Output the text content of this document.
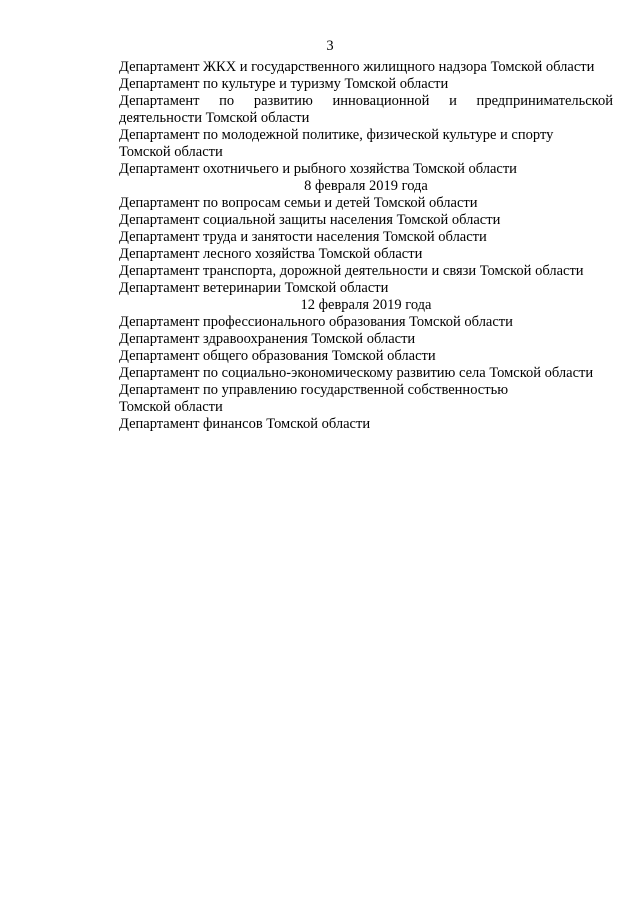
3
Департамент ЖКХ и государственного жилищного надзора Томской области
Департамент по культуре и туризму Томской области
Департамент по развитию инновационной и предпринимательской
деятельности Томской области
Департамент по молодежной политике, физической культуре и спорту
Томской области
Департамент охотничьего и рыбного хозяйства Томской области
8 февраля 2019 года
Департамент по вопросам семьи и детей Томской области
Департамент социальной защиты населения Томской области
Департамент труда и занятости населения Томской области
Департамент лесного хозяйства Томской области
Департамент транспорта, дорожной деятельности и связи Томской области
Департамент ветеринарии Томской области
12 февраля 2019 года
Департамент профессионального образования Томской области
Департамент здравоохранения Томской области
Департамент общего образования Томской области
Департамент по социально-экономическому развитию села Томской области
Департамент по управлению государственной собственностью
Томской области
Департамент финансов Томской области
